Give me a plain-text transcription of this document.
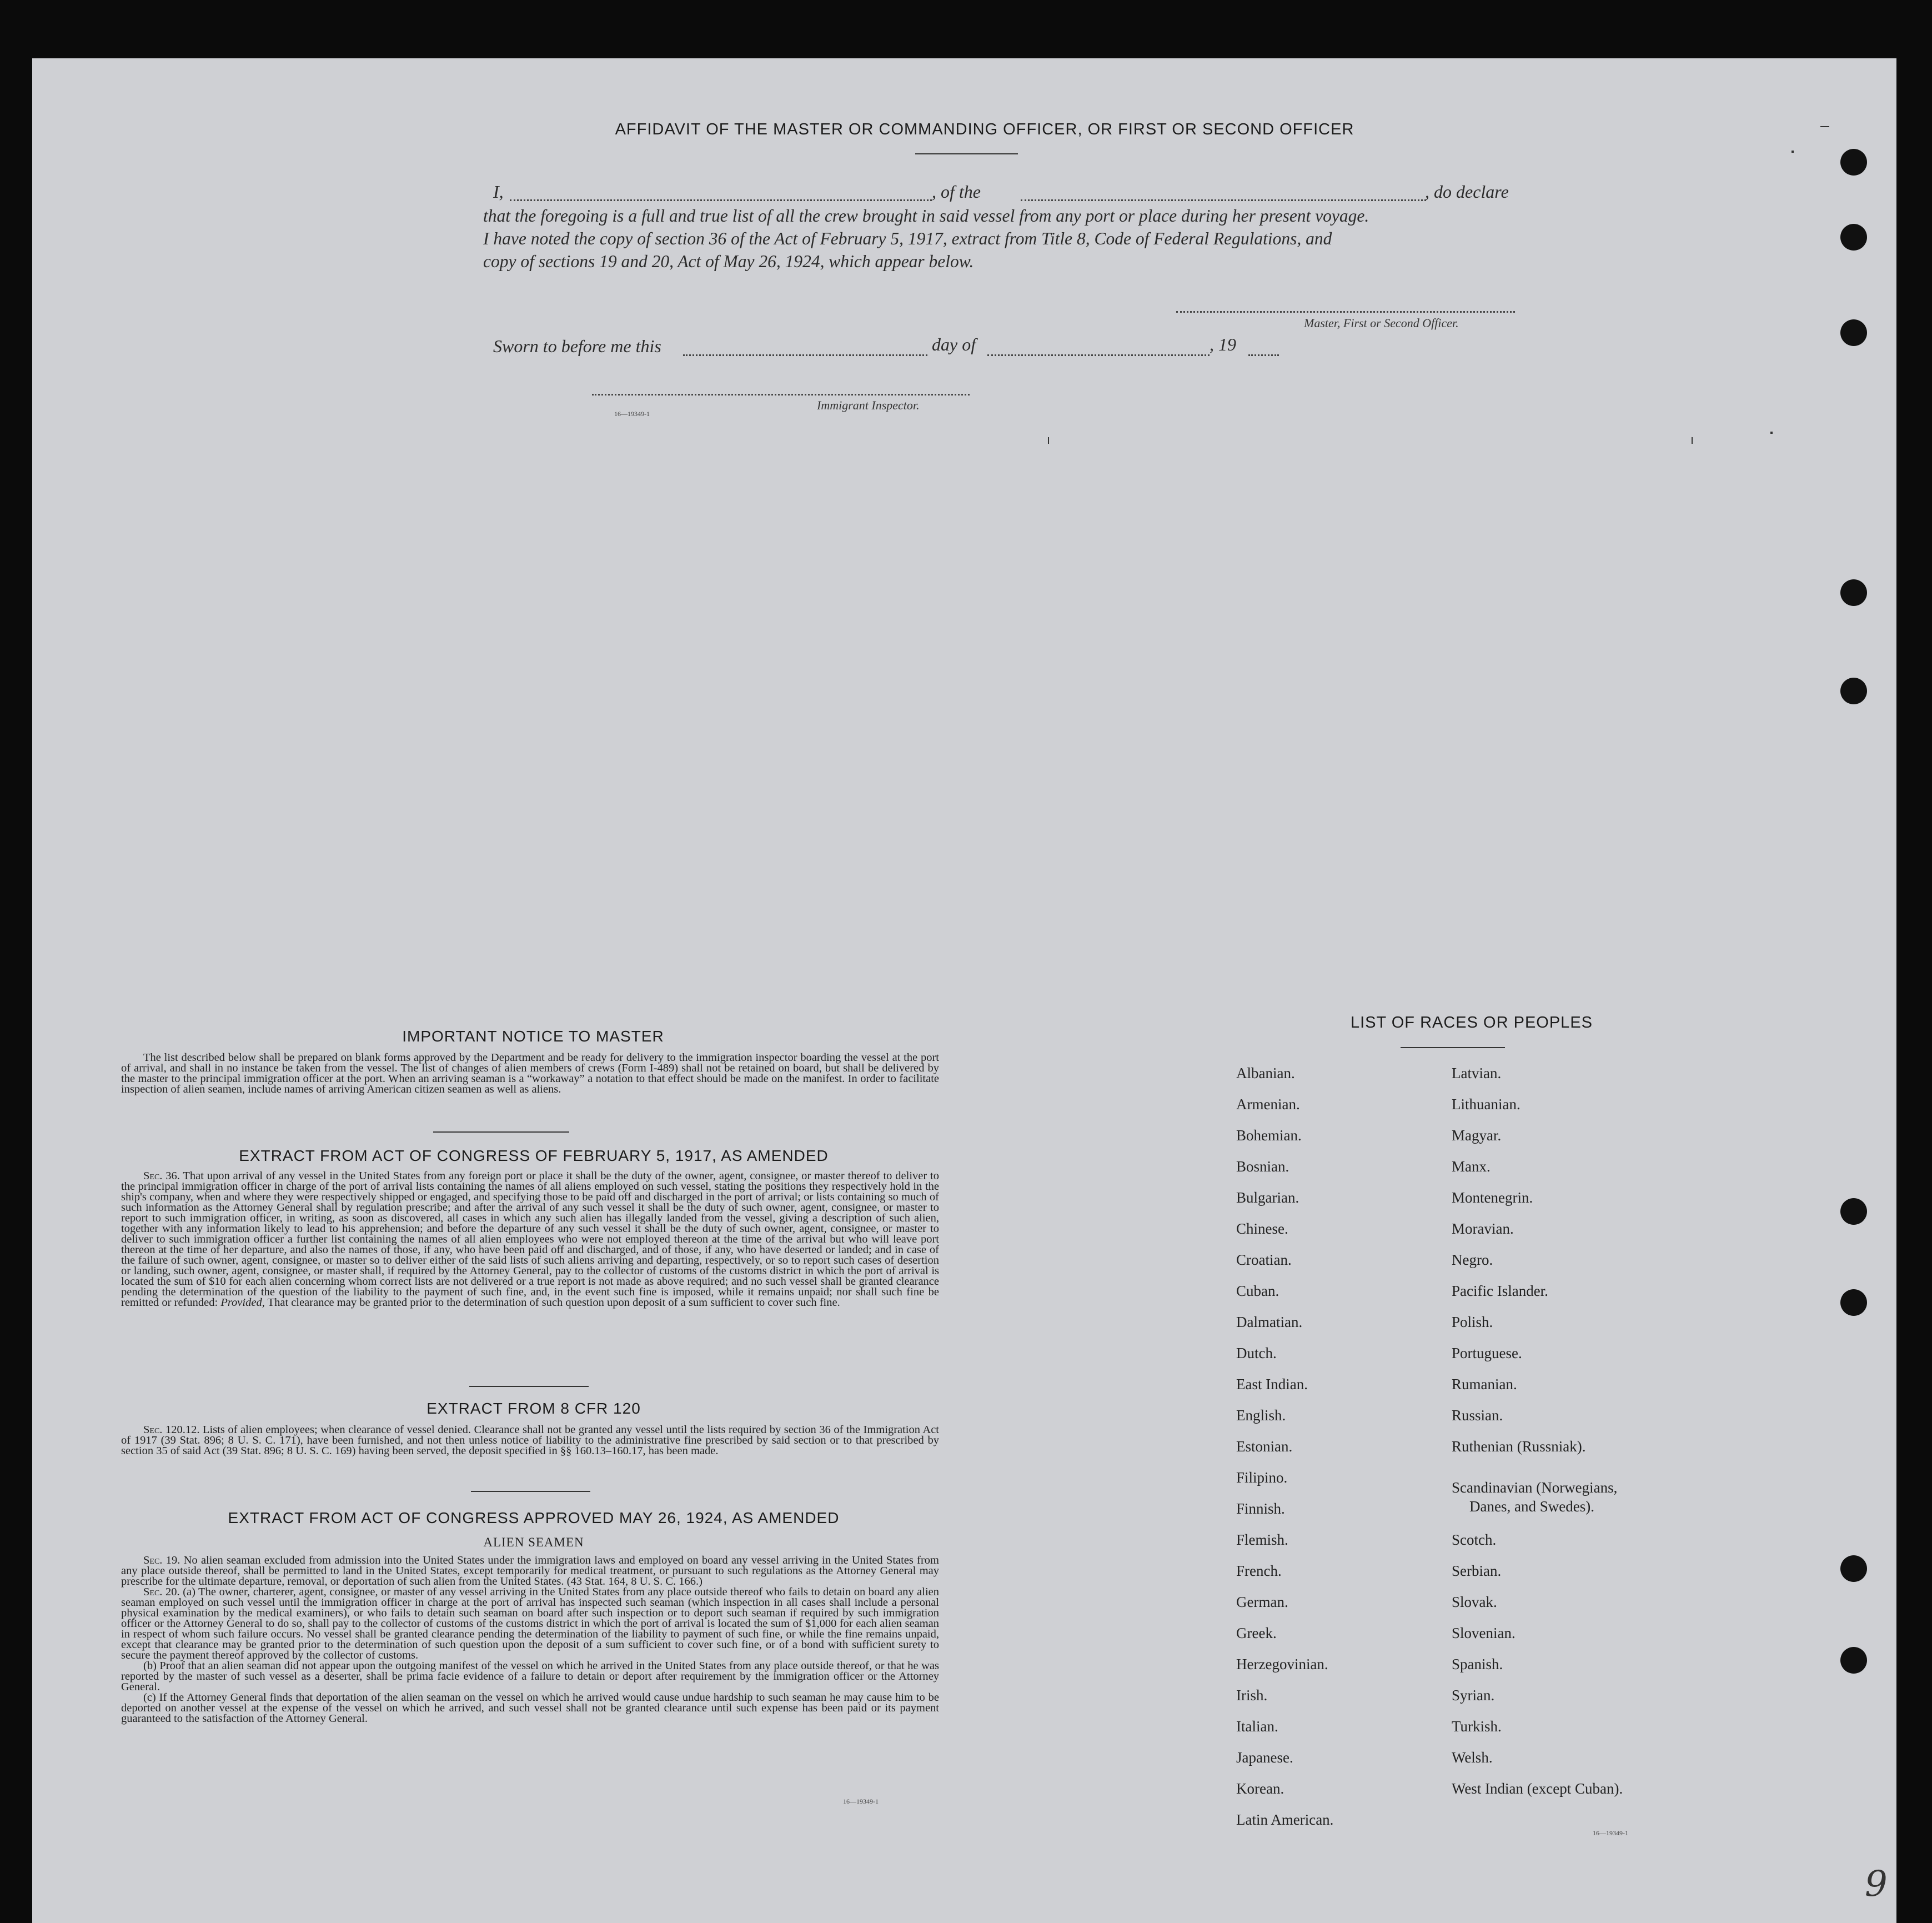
AFFIDAVIT OF THE MASTER OR COMMANDING OFFICER, OR FIRST OR SECOND OFFICER
I,	, of the	, do declare
that the foregoing is a full and true list of all the crew brought in said vessel from any port or place during her present voyage.
I have noted the copy of section 36 of the Act of February 5, 1917, extract from Title 8, Code of Federal Regulations, and
copy of sections 19 and 20, Act of May 26, 1924, which appear below.
Master, First or Second Officer.
Sworn to before me this	day of	, 19
Immigrant Inspector.
16—19349-1
IMPORTANT NOTICE TO MASTER

The list described below shall be prepared on blank forms approved by the Department and be ready for delivery to the immigration inspector boarding the vessel at the port of arrival, and shall in no instance be taken from the vessel. The list of changes of alien members of crews (Form I-489) shall not be retained on board, but shall be delivered by the master to the principal immigration officer at the port. When an arriving seaman is a “workaway” a notation to that effect should be made on the manifest. In order to facilitate inspection of alien seamen, include names of arriving American citizen seamen as well as aliens.

EXTRACT FROM ACT OF CONGRESS OF FEBRUARY 5, 1917, AS AMENDED

Sec. 36. That upon arrival of any vessel in the United States from any foreign port or place it shall be the duty of the owner, agent, consignee, or master thereof to deliver to the principal immigration officer in charge of the port of arrival lists containing the names of all aliens employed on such vessel, stating the positions they respectively hold in the ship's company, when and where they were respectively shipped or engaged, and specifying those to be paid off and discharged in the port of arrival; or lists containing so much of such information as the Attorney General shall by regulation prescribe; and after the arrival of any such vessel it shall be the duty of such owner, agent, consignee, or master to report to such immigration officer, in writing, as soon as discovered, all cases in which any such alien has illegally landed from the vessel, giving a description of such alien, together with any information likely to lead to his apprehension; and before the departure of any such vessel it shall be the duty of such owner, agent, consignee, or master to deliver to such immigration officer a further list containing the names of all alien employees who were not employed thereon at the time of the arrival but who will leave port thereon at the time of her departure, and also the names of those, if any, who have been paid off and discharged, and of those, if any, who have deserted or landed; and in case of the failure of such owner, agent, consignee, or master so to deliver either of the said lists of such aliens arriving and departing, respectively, or so to report such cases of desertion or landing, such owner, agent, consignee, or master shall, if required by the Attorney General, pay to the collector of customs of the customs district in which the port of arrival is located the sum of $10 for each alien concerning whom correct lists are not delivered or a true report is not made as above required; and no such vessel shall be granted clearance pending the determination of the question of the liability to the payment of such fine, and, in the event such fine is imposed, while it remains unpaid; nor shall such fine be remitted or refunded: Provided, That clearance may be granted prior to the determination of such question upon deposit of a sum sufficient to cover such fine.

EXTRACT FROM 8 CFR 120

Sec. 120.12. Lists of alien employees; when clearance of vessel denied. Clearance shall not be granted any vessel until the lists required by section 36 of the Immigration Act of 1917 (39 Stat. 896; 8 U. S. C. 171), have been furnished, and not then unless notice of liability to the administrative fine prescribed by said section or to that prescribed by section 35 of said Act (39 Stat. 896; 8 U. S. C. 169) having been served, the deposit specified in §§ 160.13–160.17, has been made.

EXTRACT FROM ACT OF CONGRESS APPROVED MAY 26, 1924, AS AMENDED
ALIEN SEAMEN

Sec. 19. No alien seaman excluded from admission into the United States under the immigration laws and employed on board any vessel arriving in the United States from any place outside thereof, shall be permitted to land in the United States, except temporarily for medical treatment, or pursuant to such regulations as the Attorney General may prescribe for the ultimate departure, removal, or deportation of such alien from the United States. (43 Stat. 164, 8 U. S. C. 166.)

Sec. 20. (a) The owner, charterer, agent, consignee, or master of any vessel arriving in the United States from any place outside thereof who fails to detain on board any alien seaman employed on such vessel until the immigration officer in charge at the port of arrival has inspected such seaman (which inspection in all cases shall include a personal physical examination by the medical examiners), or who fails to detain such seaman on board after such inspection or to deport such seaman if required by such immigration officer or the Attorney General to do so, shall pay to the collector of customs of the customs district in which the port of arrival is located the sum of $1,000 for each alien seaman in respect of whom such failure occurs. No vessel shall be granted clearance pending the determination of the liability to payment of such fine, or while the fine remains unpaid, except that clearance may be granted prior to the determination of such question upon the deposit of a sum sufficient to cover such fine, or of a bond with sufficient surety to secure the payment thereof approved by the collector of customs.

(b) Proof that an alien seaman did not appear upon the outgoing manifest of the vessel on which he arrived in the United States from any place outside thereof, or that he was reported by the master of such vessel as a deserter, shall be prima facie evidence of a failure to detain or deport after requirement by the immigration officer or the Attorney General.

(c) If the Attorney General finds that deportation of the alien seaman on the vessel on which he arrived would cause undue hardship to such seaman he may cause him to be deported on another vessel at the expense of the vessel on which he arrived, and such vessel shall not be granted clearance until such expense has been paid or its payment guaranteed to the satisfaction of the Attorney General.

16—19349-1
LIST OF RACES OR PEOPLES
Albanian.
Armenian.
Bohemian.
Bosnian.
Bulgarian.
Chinese.
Croatian.
Cuban.
Dalmatian.
Dutch.
East Indian.
English.
Estonian.
Filipino.
Finnish.
Flemish.
French.
German.
Greek.
Herzegovinian.
Irish.
Italian.
Japanese.
Korean.
Latin American.
Latvian.
Lithuanian.
Magyar.
Manx.
Montenegrin.
Moravian.
Negro.
Pacific Islander.
Polish.
Portuguese.
Rumanian.
Russian.
Ruthenian (Russniak).
Scandinavian (Norwegians,
Danes, and Swedes).
Scotch.
Serbian.
Slovak.
Slovenian.
Spanish.
Syrian.
Turkish.
Welsh.
West Indian (except Cuban).
16—19349-1
9
